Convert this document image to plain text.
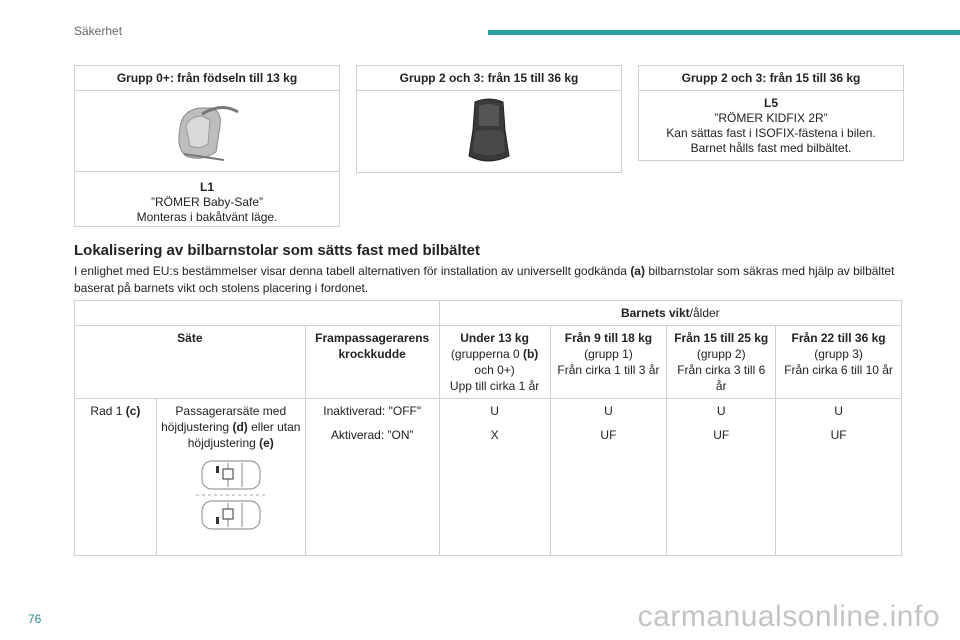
Säkerhet
Grupp 0+: från födseln till 13 kg
L1
”RÖMER Baby-Safe”
Monteras i bakåtvänt läge.
Grupp 2 och 3: från 15 till 36 kg	Grupp 2 och 3: från 15 till 36 kg
L5
”RÖMER KIDFIX 2R”
Kan sättas fast i ISOFIX-fästena i bilen.
Barnet hålls fast med bilbältet.
Lokalisering av bilbarnstolar som sätts fast med bilbältet
I enlighet med EU:s bestämmelser visar denna tabell alternativen för installation av universellt godkända (a) bilbarnstolar som säkras med hjälp av bilbältet baserat på barnets vikt och stolens placering i fordonet.
			Barnets vikt/ålder			
Säte		Frampassagerarens krockkudde	Under 13 kg
(grupperna 0 (b)
och 0+)
Upp till cirka 1 år	Från 9 till 18 kg
(grupp 1)
Från cirka 1 till 3 år	Från 15 till 25 kg
(grupp 2)
Från cirka 3 till 6 år	Från 22 till 36 kg
(grupp 3)
Från cirka 6 till 10 år
Rad 1 (c)	Passagerarsäte med höjdjustering (d) eller utan höjdjustering (e)	Inaktiverad: "OFF"	U	U	U	U
		Aktiverad: ”ON”	X	UF	UF	UF
76	carmanualsonline.info
